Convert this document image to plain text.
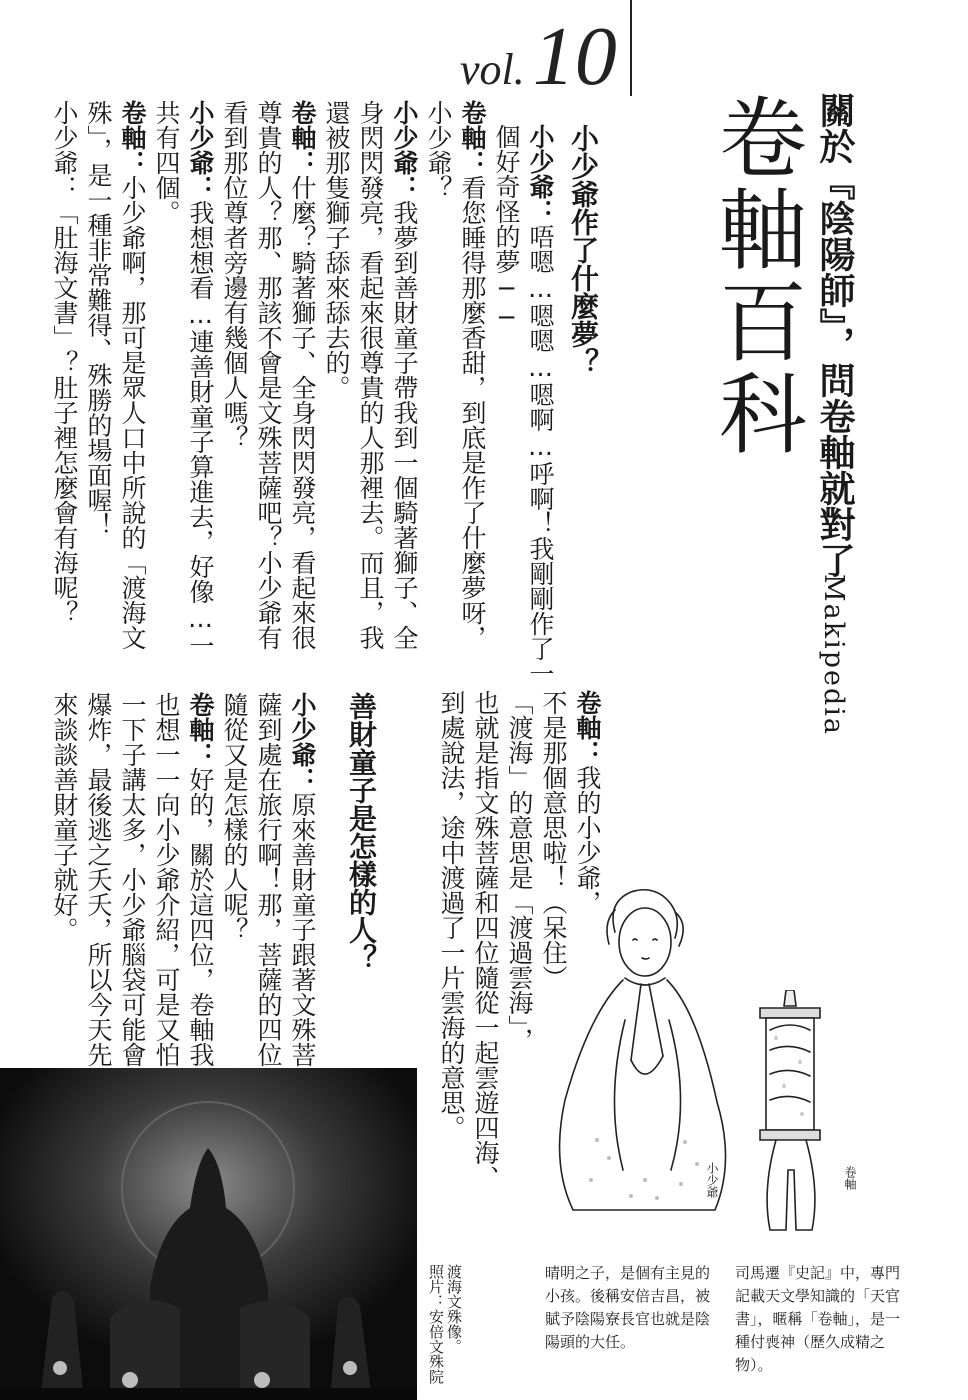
vol.10
卷軸百科 關於『陰陽師』，問卷軸就對了
Makipedia
小少爺作了什麼夢？
小少爺：唔嗯…嗯嗯…嗯啊…呼啊！我剛剛作了一
個好奇怪的夢──
卷軸：看您睡得那麼香甜，到底是作了什麼夢呀，
小少爺？
小少爺：我夢到善財童子帶我到一個騎著獅子、全
身閃閃發亮，看起來很尊貴的人那裡去。而且，我
還被那隻獅子舔來舔去的。
卷軸：什麼？騎著獅子、全身閃閃發亮，看起來很
尊貴的人？那、那該不會是文殊菩薩吧？小少爺有
看到那位尊者旁邊有幾個人嗎？
小少爺：我想想看…連善財童子算進去，好像…一
共有四個。
卷軸：小少爺啊，那可是眾人口中所說的「渡海文
殊」，是一種非常難得、殊勝的場面喔！
小少爺：「肚海文書」？肚子裡怎麼會有海呢？
卷軸：我的小少爺，
不是那個意思啦！（呆住）
「渡海」的意思是「渡過雲海」，
也就是指文殊菩薩和四位隨從一起雲遊四海、
到處說法，途中渡過了一片雲海的意思。
善財童子是怎樣的人？
小少爺：原來善財童子跟著文殊菩
薩到處在旅行啊！那，菩薩的四位
隨從又是怎樣的人呢？
卷軸：好的，關於這四位，卷軸我
也想一一向小少爺介紹，可是又怕
一下子講太多，小少爺腦袋可能會
爆炸，最後逃之夭夭，所以今天先
來談談善財童子就好。
小少爺	卷軸
晴明之子，是個有主見的小孩。後稱安倍吉昌，被賦予陰陽寮長官也就是陰陽頭的大任。
司馬遷『史記』中，專門記載天文學知識的「天官書」，暱稱「卷軸」，是一種付喪神（歷久成精之物）。
渡海文殊像。
照片：安倍文殊院
